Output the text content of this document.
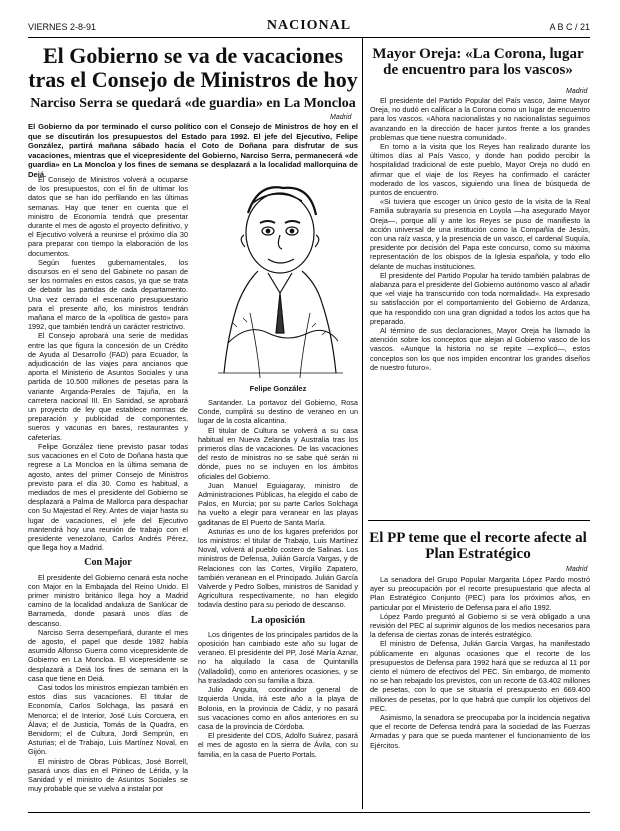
VIERNES 2-8-91	NACIONAL	A B C / 21
El Gobierno se va de vacaciones tras el Consejo de Ministros de hoy
Narciso Serra se quedará «de guardia» en La Moncloa
Madrid

El Gobierno da por terminado el curso político con el Consejo de Ministros de hoy en el que se discutirán los presupuestos del Estado para 1992. El jefe del Ejecutivo, Felipe González, partirá mañana sábado hacia el Coto de Doñana para disfrutar de sus vacaciones, mientras que el vicepresidente del Gobierno, Narciso Serra, permanecerá «de guardia» en La Moncloa y los fines de semana se desplazará a la localidad mallorquina de Deiá.

El Consejo de Ministros volverá a ocuparse de los presupuestos, con el fin de ultimar los datos que se han ido perfilando en las últimas semanas. Hay que tener en cuenta que el ministro de Economía tendrá que presentar durante el mes de agosto el proyecto definitivo, y el Ejecutivo volverá a reunirse el próximo día 30 para preparar con tiempo la elaboración de los documentos.

Según fuentes gubernamentales, los discursos en el seno del Gabinete no pasan de ser los normales en estos casos, ya que se trata de debatir las partidas de cada departamento. Una vez cerrado el escenario presupuestario para el presente año, los ministros tendrán mañana el marco de la «política de gasto» para 1992, que también tendrá un carácter restrictivo.

El Consejo aprobará una serie de medidas entre las que figura la concesión de un Crédito de Ayuda al Desarrollo (FAD) para Ecuador, la adjudicación de las viajes para ancianos que aporta el Ministerio de Asuntos Sociales y una partida de 10.500 millones de pesetas para la variante Arganda-Perales de Tajuña, en la carretera nacional III. En Sanidad, se aprobará un proyecto de ley que establece normas de preparación y publicidad de componentes, sueros y vacunas en bares, restaurantes y cafeterías.

Felipe González tiene previsto pasar todas sus vacaciones en el Coto de Doñana hasta que regrese a La Moncloa en la última semana de agosto, antes del primer Consejo de Ministros previsto para el día 30. Como es habitual, a mediados de mes el presidente del Gobierno se desplazará a Palma de Mallorca para despachar con Su Majestad el Rey. Antes de viajar hasta su lugar de vacaciones, el jefe del Ejecutivo mantendrá hoy una reunión de trabajo con el presidente venezolano, Carlos Andrés Pérez, que llega hoy a Madrid.

Con Major

El presidente del Gobierno cenará esta noche con Major en la Embajada del Reino Unido. El primer ministro británico llega hoy a Madrid camino de la localidad andaluza de Sanlúcar de Barrameda, donde pasará unos días de descanso.

Narciso Serra desempeñará, durante el mes de agosto, el papel que desde 1982 había asumido Alfonso Guerra como vicepresidente de Gobierno en La Moncloa. El vicepresidente se desplazará a Deiá los fines de semana en la casa que tiene en Deiá.

Casi todos los ministros empiezan también en estos días sus vacaciones. El titular de Economía, Carlos Solchaga, las pasará en Menorca; el de Interior, José Luis Corcuera, en Álava; el de Justicia, Tomás de la Quadra, en Benidorm; el de Cultura, Jordi Semprún, en Asturias; el de Trabajo, Luis Martínez Noval, en Gijón.

El ministro de Obras Públicas, José Borrell, pasará unos días en el Pirineo de Lérida, y la Sanidad y el ministro de Asuntos Sociales se muy probable que se vuelva a instalar por

Felipe González

Santander. La portavoz del Gobierno, Rosa Conde, cumplirá su destino de veraneo en un lugar de la costa alicantina.

El titular de Cultura se volverá a su casa habitual en Nueva Zelanda y Australia tras los primeros días de vacaciones. De las vacaciones del resto de ministros no se sabe qué serán ni dónde, pues no se incluyen en los ámbitos oficiales del Gobierno.

Juan Manuel Eguiagaray, ministro de Administraciones Públicas, ha elegido el cabo de Palos, en Murcia; por su parte Carlos Solchaga ha vuelto a elegir para veranear en las playas gaditanas de El Puerto de Santa María.

Asturias es uno de los lugares preferidos por los ministros: el titular de Trabajo, Luis Martínez Noval, volverá al pueblo costero de Salinas. Los ministros de Defensa, Julián García Vargas, y de Relaciones con las Cortes, Virgilio Zapatero, también veranean en el Principado. Julián García Valverde y Pedro Solbes, ministros de Sanidad y Agricultura respectivamente, no han elegido todavía destino para su periodo de descanso.

La oposición

Los dirigentes de los principales partidos de la oposición han cambiado este año su lugar de veraneo. El presidente del PP, José María Aznar, no ha alquilado la casa de Quintanilla (Valladolid), como en anteriores ocasiones, y se ha trasladado con su familia a Ibiza.

Julio Anguita, coordinador general de Izquierda Unida, irá este año a la playa de Bolonia, en la provincia de Cádiz, y no pasará sus vacaciones como en años anteriores en su casa de la provincia de Córdoba.

El presidente del CDS, Adolfo Suárez, pasará el mes de agosto en la sierra de Ávila, con su familia, en la casa de Puerto Portals.

Mayor Oreja: «La Corona, lugar de encuentro para los vascos»
Madrid

El presidente del Partido Popular del País vasco, Jaime Mayor Oreja, no dudó en calificar a la Corona como un lugar de encuentro para los vascos. «Ahora nacionalistas y no nacionalistas seguimos avanzando en la dirección de hacer juntos frente a los grandes problemas que tiene nuestra comunidad».

En torno a la visita que los Reyes han realizado durante los últimos días al País Vasco, y donde han podido percibir la hospitalidad tradicional de este pueblo, Mayor Oreja no dudó en afirmar que el viaje de los Reyes ha confirmado el carácter moderado de los vascos, siguiendo una línea de búsqueda de puntos de encuentro.

«Si tuviera que escoger un único gesto de la visita de la Real Familia subrayaría su presencia en Loyola —ha asegurado Mayor Oreja—, porque allí y ante los Reyes se puso de manifiesto la acción universal de una institución como la Compañía de Jesús, con una raíz vasca, y la presencia de un vasco, el cardenal Suquía, presidente por decisión del Papa este concurso, como su máxima representación de los obispos de la Iglesia española, y todo ello delante de muchas instituciones.

El presidente del Partido Popular ha tenido también palabras de alabanza para el presidente del Gobierno autónomo vasco al añadir que «el viaje ha transcurrido con toda normalidad». Ha expresado su satisfacción por el comportamiento del Gobierno de Ardanza, que ha respondido con una gran dignidad a todos los actos que ha preparado.

Al término de sus declaraciones, Mayor Oreja ha llamado la atención sobre los conceptos que alejan al Gobierno vasco de los vascos. «Aunque la historia no se repite —explicó—, estos conceptos son los que nos impiden encontrar los grandes diseños de nuestro futuro».

El PP teme que el recorte afecte al Plan Estratégico
Madrid

La senadora del Grupo Popular Margarita López Pardo mostró ayer su preocupación por el recorte presupuestario que afecta al Plan Estratégico Conjunto (PEC) para los próximos años, en particular por el Ministerio de Defensa para el año 1992.

López Pardo preguntó al Gobierno si se verá obligado a una revisión del PEC al suprimir algunos de los medios necesarios para la defensa de ciertas zonas de interés estratégico.

El ministro de Defensa, Julián García Vargas, ha manifestado públicamente en algunas ocasiones que el recorte de los presupuestos de Defensa para 1992 hará que se reduzca al 11 por ciento el número de efectivos del PEC. Sin embargo, de momento no se han rebajado los previstos, con un recorte de 63.402 millones de pesetas, con lo que se situaría el presupuesto en 669.400 millones de pesetas, por lo que habrá que cumplir los objetivos del PEC.

Asimismo, la senadora se preocupaba por la incidencia negativa que el recorte de Defensa tendrá para la sociedad de las Fuerzas Armadas y para que se pueda mantener el funcionamiento de los Ejércitos.
